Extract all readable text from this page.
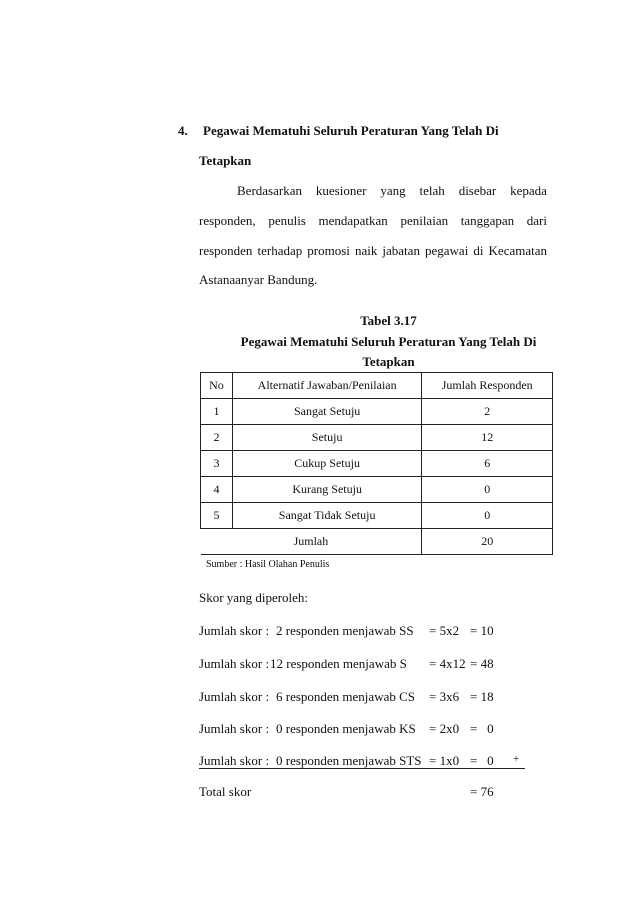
4. Pegawai Mematuhi Seluruh Peraturan Yang Telah Di
Tetapkan
Berdasarkan kuesioner yang telah disebar kepada
responden, penulis mendapatkan penilaian tanggapan dari
responden terhadap promosi naik jabatan pegawai di Kecamatan
Astanaanyar Bandung.
Tabel 3.17
Pegawai Mematuhi Seluruh Peraturan Yang Telah Di
Tetapkan
No	Alternatif Jawaban/Penilaian	Jumlah Responden
1	Sangat Setuju	2
2	Setuju	12
3	Cukup Setuju	6
4	Kurang Setuju	0
5	Sangat Tidak Setuju	0
Jumlah		20
Sumber : Hasil Olahan Penulis
Skor yang diperoleh:
Jumlah skor : 2 responden menjawab SS = 5x2 = 10
Jumlah skor : 12 responden menjawab S = 4x12 = 48
Jumlah skor : 6 responden menjawab CS = 3x6 = 18
Jumlah skor : 0 responden menjawab KS = 2x0 =   0
Jumlah skor : 0 responden menjawab STS = 1x0 =   0 +
Total skor	= 76
